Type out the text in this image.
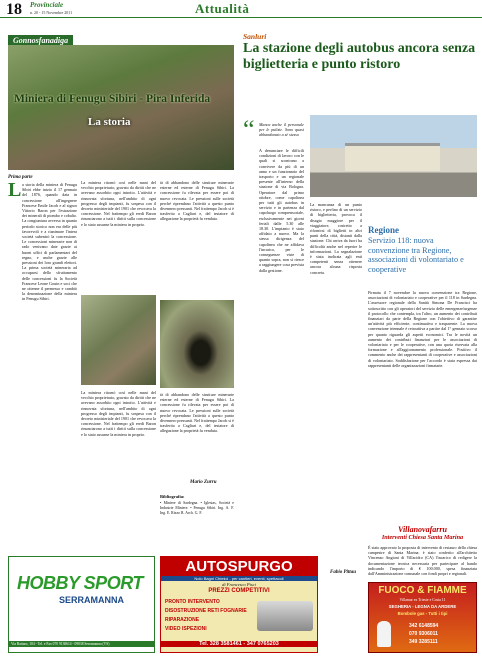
18 Provinciale
n. 20 - 15 Novembre 2011	Attualità
Gonnosfanadiga
Miniera di Fenugu Sibiri - Pira Inferida
La storia
Prima parte
L a storia della miniera di Fenugu Sibiri ebbe inizio il 17 gennaio del 1876, quando data in concessione all'ingegnere Francese Emile Jacob e al signor Vittorio Baron per l'estrazione dei minerali di piombo e cobalto. La congiuntura avversa in quanto periodo storico non era delle più favorevoli e a rianimare l'intera società subentrò la concessione. Le concessioni minerarie non di rado venivano date grazie ai buoni uffici di parlamentari del regno, e anche grazie alle pressioni dei loro grandi elettori. La prima società mineraria ad occuparsi dello sfruttamento delle concessioni fu la Società Francese Leone Gouin e soci che ne ottenne il permesso e cambiò la denominazione della miniera in Fenugu Sibiri.
La miniera ritornò così nelle mani del vecchio proprietario, gravato da diritti che ne avevano assorbito ogni introito. L'attività e rinnovata sfortuna, nell'ambito di ogni progresso degli impianti, fu sospesa con il decreto ministeriale del 1901 che revocava la concessione. Nel frattempo gli eredi Baron rinunciarono a tutti i diritti sulla concessione e lo stato assunse la miniera in proprio.
La miniera ritornò così nelle mani del vecchio proprietario, gravato da diritti che ne avevano assorbito ogni introito. L'attività e rinnovata sfortuna, nell'ambito di ogni progresso degli impianti, fu sospesa con il decreto ministeriale del 1901 che revocava la concessione. Nel frattempo gli eredi Baron rinunciarono a tutti i diritti sulla concessione e lo stato assunse la miniera in proprio.
tà di abbandono delle strutture minerarie esterne ed esterne di Fenugu Sibiri. La concessione fu rilevata per essere poi di nuovo revocata. Le pressioni sulle società perché riprendano l'attività a questo punto divennero pressanti. Nel frattempo Jacob si è trasferito a Cagliari e, del testatore di allegazione la proprietà fu venduta.
tà di abbandono delle strutture minerarie esterne ed esterne di Fenugu Sibiri. La concessione fu rilevata per essere poi di nuovo revocata. Le pressioni sulle società perché riprendano l'attività a questo punto divennero pressanti. Nel frattempo Jacob si è trasferito a Cagliari e, del testatore di allegazione la proprietà fu venduta.
Mario Zurru
Bibliografia:
• Miniere di Sardegna. • Iglesias, Società e Industrie Miniere. • Fenugu Sibiri. Ing. A. F. Ing. E. Rizzo R. Arch. G. F.
HOBBY SPORT
SERRAMANNA
Via Battaro, 104 - Tel. e Fax 070 9138614 - 09038 Serramanna (VS)
AUTOSPURGO
Nolo Bagni Chimici - per cantieri, eventi, spettacoli
di Francesco Pisci
PREZZI COMPETITIVI
PRONTO INTERVENTO
DISOSTRUZIONE RETI FOGNARIE
RIPARAZIONE
VIDEO ISPEZIONI
Tel. 328 3581461 - 347 0765203
Sanluri
La stazione degli autobus ancora senza biglietteria e punto ristoro
“ Manca anche il personale per le pulizie. Sono quasi abbandonato a sé stesso
A denunciare le difficili condizioni di lavoro con le quali si scontrano a convivere da più di un anno e un funzionario del trasporto e un regionale presente all'interno della stazione di via Bologna. Operatore dal primo ottobre, come capolinea per tutti gli autobus in servizio e in partenza dal capoluogo comprensoriale, esclusivamente nei giorni feriali dalle 5.30 alle 18.30. L'impianto è stato affidato a nuovo. Ma la stessa dirigenza del capolinea che ne affidava l'incarico, per le conseguenze viste di quanto sopra, non si riesce a raggiungere cosa prevista dalla gestione.
La mancanza di un punto ristoro, e perfino di un servizio di biglietteria, provoca il disagio maggiore per il viaggiatore, costretto a rifornirsi di biglietti in altri punti della città, distanti dalla stazione. Chi arriva da fuori ha difficoltà anche nel reperire le informazioni. La segnalazione è stata inoltrata agli enti competenti senza ottenere ancora alcuna risposta concreta.
Fabio Pittau
Regione
Servizio 118: nuova convenzione tra Regione, associazioni di volontariato e cooperative
Firmata il 7 novembre la nuova convenzione tra Regione, associazioni di volontariato e cooperative per il 118 in Sardegna. L'assessore regionale della Sanità Simona De Francisci ha sottoscritto con gli operatori del servizio delle emergenze/urgenze il protocollo che contempla, tra l'altro, un aumento dei contributi finanziari da parte della Regione con l'obiettivo di garantire un'attività più efficiente, continuativa e trasparente. La nuova convenzione triennale è retroattiva a partire dal 1° gennaio scorso per quanto riguarda gli aspetti economici. Tra le novità un aumento dei contributi finanziari per le associazioni di volontariato e per le cooperative, con una quota riservata alla formazione e all'aggiornamento professionale. Positivo il commento anche dei rappresentanti di cooperative e associazioni di volontariato. Soddisfazione per l'accordo è stata espressa dai rappresentanti delle organizzazioni firmatarie.
Villanovafarru
Interventi Chiesa Santa Marina
È stato approvato la proposta di intervento di restauro della chiesa campestre di Santa Marina; è stato conferito all'architetto Vincenzo Angioni di Villacidro (CA) l'incarico di redigere la documentazione tecnica necessaria per partecipare al bando indicando l'importo di € 100.000, spesa finanziata dall'Amministrazione comunale con fondi propri e regionali.
FUOCO & FIAMME
Villamar ex Trieste e Costa 11
SEGHERIA - LEGNA DA ARDERE
Bombole gas - Tutti i tipi
342 6148594
070 9306011
349 3285111
